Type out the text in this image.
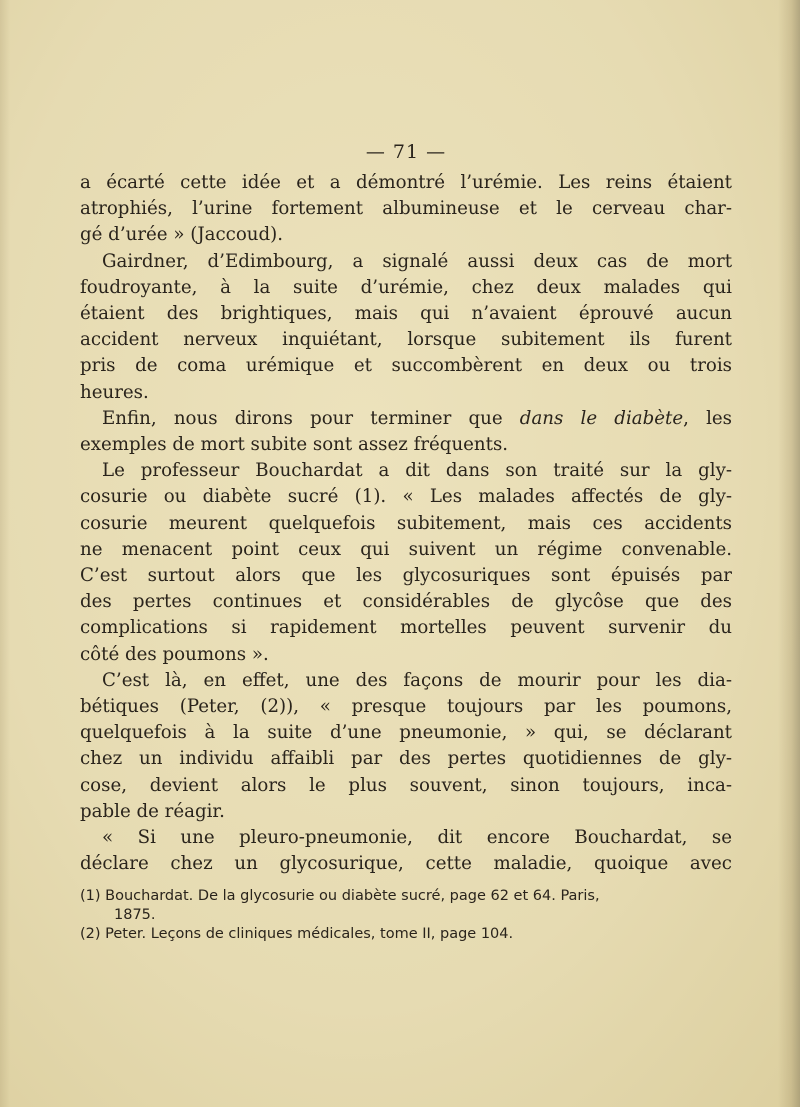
— 71 —
a écarté cette idée et a démontré l’urémie. Les reins étaient
atrophiés, l’urine fortement albumineuse et le cerveau char-
gé d’urée » (Jaccoud).
Gairdner, d’Edimbourg, a signalé aussi deux cas de mort
foudroyante, à la suite d’urémie, chez deux malades qui
étaient des brightiques, mais qui n’avaient éprouvé aucun
accident nerveux inquiétant, lorsque subitement ils furent
pris de coma urémique et succombèrent en deux ou trois
heures.
Enfin, nous dirons pour terminer que dans le diabète, les
exemples de mort subite sont assez fréquents.
Le professeur Bouchardat a dit dans son traité sur la gly-
cosurie ou diabète sucré (1). « Les malades affectés de gly-
cosurie meurent quelquefois subitement, mais ces accidents
ne menacent point ceux qui suivent un régime convenable.
C’est surtout alors que les glycosuriques sont épuisés par
des pertes continues et considérables de glycôse que des
complications si rapidement mortelles peuvent survenir du
côté des poumons ».
C’est là, en effet, une des façons de mourir pour les dia-
bétiques (Peter, (2)), « presque toujours par les poumons,
quelquefois à la suite d’une pneumonie, » qui, se déclarant
chez un individu affaibli par des pertes quotidiennes de gly-
cose, devient alors le plus souvent, sinon toujours, inca-
pable de réagir.
« Si une pleuro-pneumonie, dit encore Bouchardat, se
déclare chez un glycosurique, cette maladie, quoique avec
(1) Bouchardat. De la glycosurie ou diabète sucré, page 62 et 64. Paris,
1875.
(2) Peter. Leçons de cliniques médicales, tome II, page 104.
